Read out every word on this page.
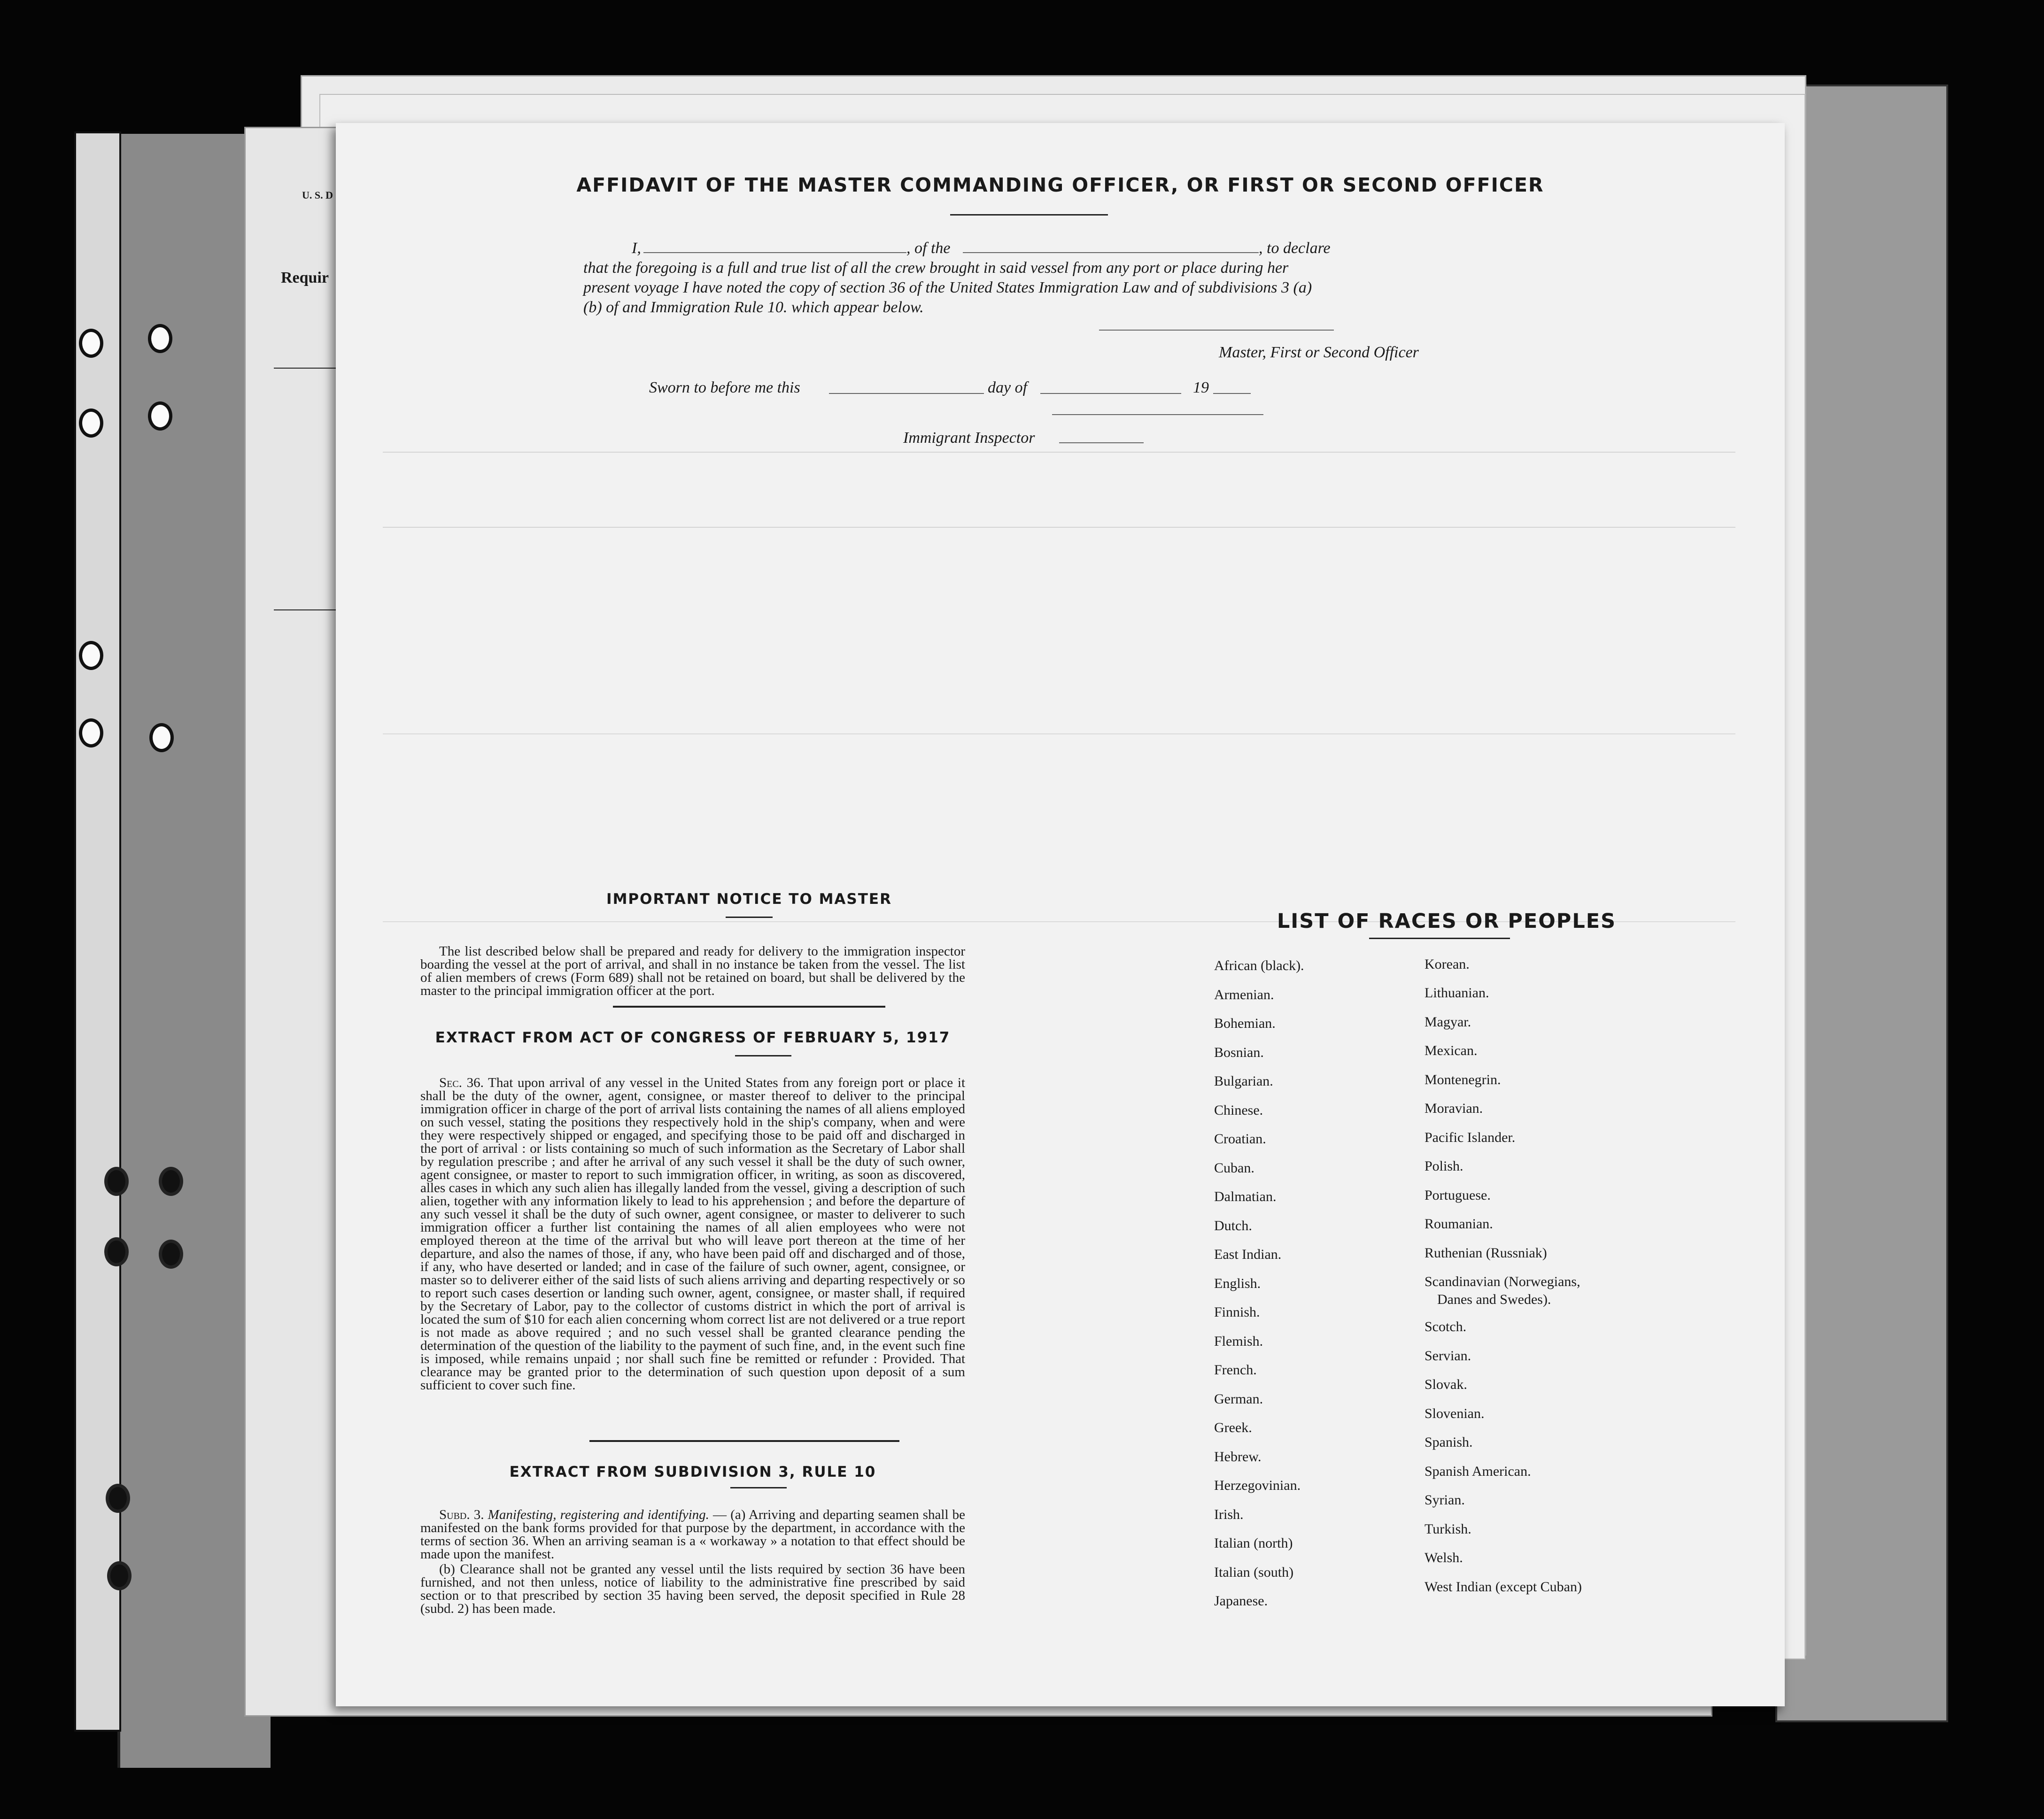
U. S. D
Requir
AFFIDAVIT OF THE MASTER COMMANDING OFFICER, OR FIRST OR SECOND OFFICER
I,	, of the	, to declare
that the foregoing is a full and true list of all the crew brought in said vessel from any port or place during her
present voyage I have noted the copy of section 36 of the United States Immigration Law and of subdivisions 3 (a)
(b) of and Immigration Rule 10. which appear below.
Master, First or Second Officer
Sworn to before me this	day of	19
Immigrant Inspector
IMPORTANT NOTICE TO MASTER
The list described below shall be prepared and ready for delivery to the immigration inspector boarding the vessel at the port of arrival, and shall in no instance be taken from the vessel. The list of alien members of crews (Form 689) shall not be retained on board, but shall be delivered by the master to the principal immigration officer at the port.
EXTRACT FROM ACT OF CONGRESS OF FEBRUARY 5, 1917
Sec. 36. That upon arrival of any vessel in the United States from any foreign port or place it shall be the duty of the owner, agent, consignee, or master thereof to deliver to the principal immigration officer in charge of the port of arrival lists containing the names of all aliens employed on such vessel, stating the positions they respectively hold in the ship's company, when and were they were respectively shipped or engaged, and specifying those to be paid off and discharged in the port of arrival : or lists containing so much of such information as the Secretary of Labor shall by regulation prescribe ; and after he arrival of any such vessel it shall be the duty of such owner, agent consignee, or master to report to such immigration officer, in writing, as soon as discovered, alles cases in which any such alien has illegally landed from the vessel, giving a description of such alien, together with any information likely to lead to his apprehension ; and before the departure of any such vessel it shall be the duty of such owner, agent consignee, or master to deliverer to such immigration officer a further list containing the names of all alien employees who were not employed thereon at the time of the arrival but who will leave port thereon at the time of her departure, and also the names of those, if any, who have been paid off and discharged and of those, if any, who have deserted or landed; and in case of the failure of such owner, agent, consignee, or master so to deliverer either of the said lists of such aliens arriving and departing respectively or so to report such cases desertion or landing such owner, agent, consignee, or master shall, if required by the Secretary of Labor, pay to the collector of customs district in which the port of arrival is located the sum of $10 for each alien concerning whom correct list are not delivered or a true report is not made as above required ; and no such vessel shall be granted clearance pending the determination of the question of the liability to the payment of such fine, and, in the event such fine is imposed, while remains unpaid ; nor shall such fine be remitted or refunder : Provided. That clearance may be granted prior to the determination of such question upon deposit of a sum sufficient to cover such fine.
EXTRACT FROM SUBDIVISION 3, RULE 10
Subd. 3. Manifesting, registering and identifying. — (a) Arriving and departing seamen shall be manifested on the bank forms provided for that purpose by the department, in accordance with the terms of section 36. When an arriving seaman is a « workaway » a notation to that effect should be made upon the manifest.
(b) Clearance shall not be granted any vessel until the lists required by section 36 have been furnished, and not then unless, notice of liability to the administrative fine prescribed by said section or to that prescribed by section 35 having been served, the deposit specified in Rule 28 (subd. 2) has been made.
LIST OF RACES OR PEOPLES
African (black).
Armenian.
Bohemian.
Bosnian.
Bulgarian.
Chinese.
Croatian.
Cuban.
Dalmatian.
Dutch.
East Indian.
English.
Finnish.
Flemish.
French.
German.
Greek.
Hebrew.
Herzegovinian.
Irish.
Italian (north)
Italian (south)
Japanese.
Korean.
Lithuanian.
Magyar.
Mexican.
Montenegrin.
Moravian.
Pacific Islander.
Polish.
Portuguese.
Roumanian.
Ruthenian (Russniak)
Scandinavian (Norwegians,
Danes and Swedes).
Scotch.
Servian.
Slovak.
Slovenian.
Spanish.
Spanish American.
Syrian.
Turkish.
Welsh.
West Indian (except Cuban)
